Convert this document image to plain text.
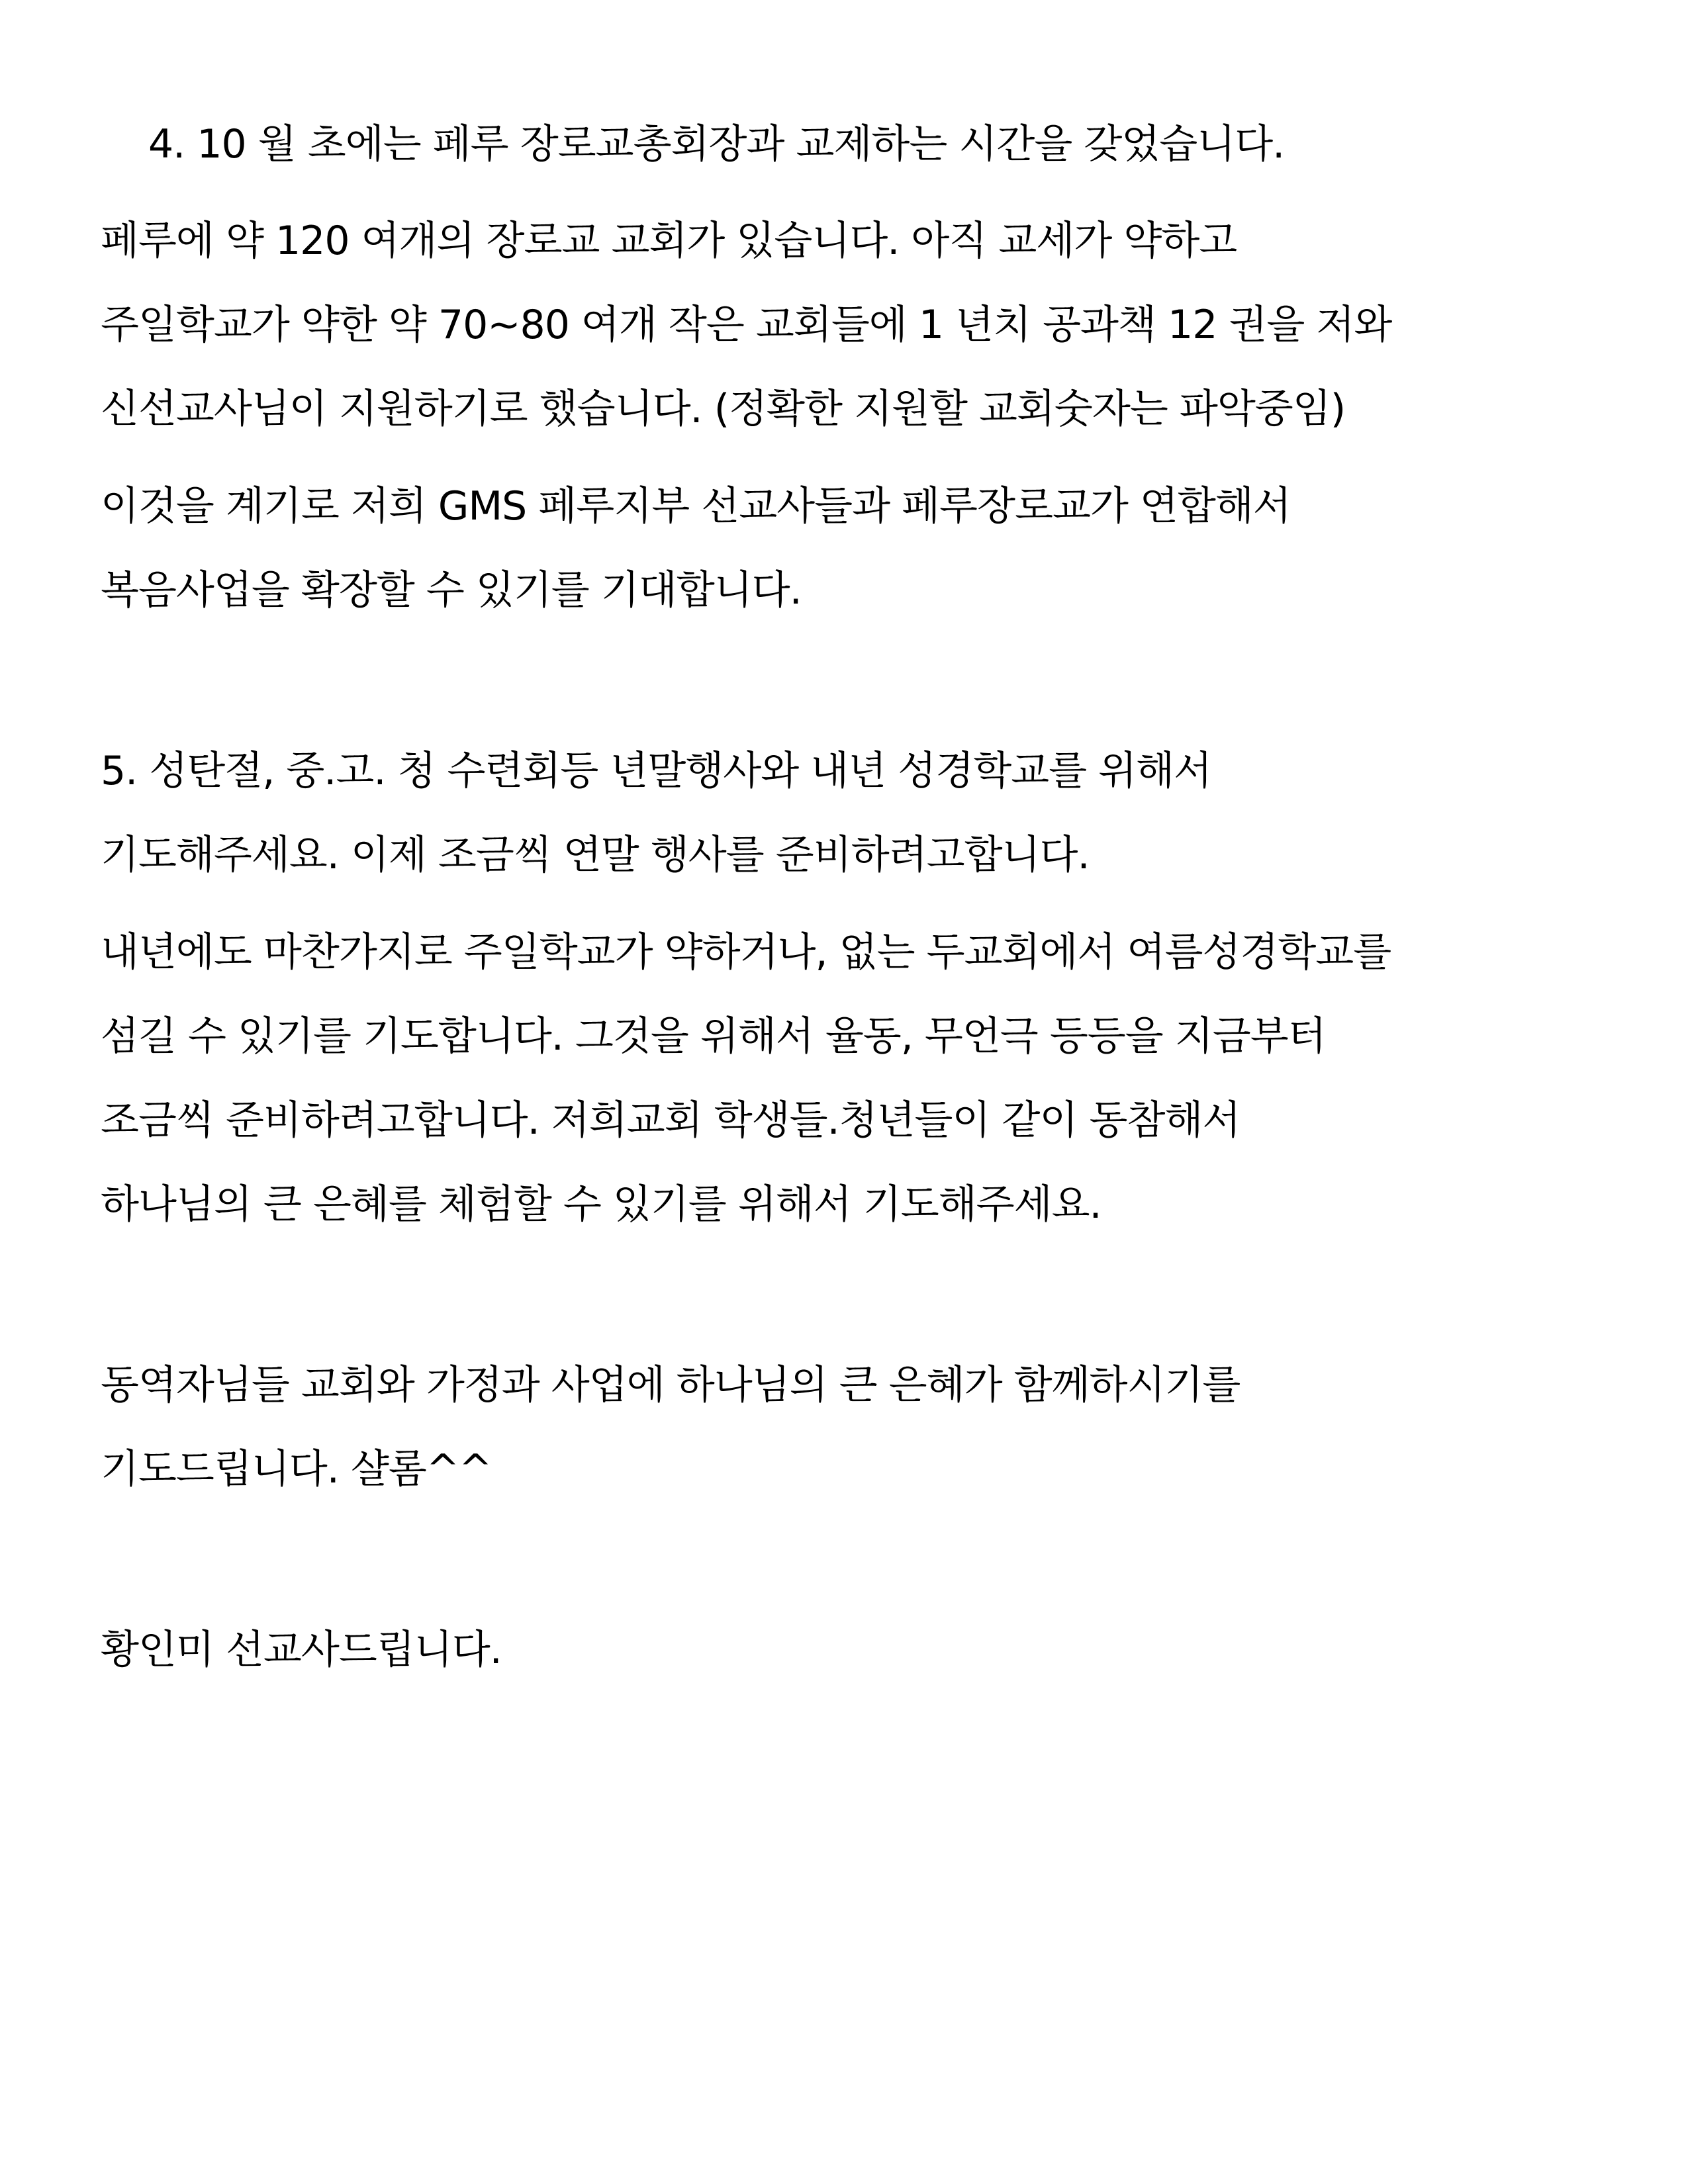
4. 10 월 초에는 페루 장로교총회장과 교제하는 시간을 갖었습니다.

페루에 약 120 여개의 장로교 교회가 있습니다. 아직 교세가 약하고

주일학교가 약한 약 70~80 여개 작은 교회들에 1 년치 공과책 12 권을 저와

신선교사님이 지원하기로 했습니다. (정확한 지원할 교회숫자는 파악중임)

이것을 계기로 저희 GMS 페루지부 선교사들과 페루장로교가 연합해서

복음사업을 확장할 수 있기를 기대합니다.

5. 성탄절, 중.고. 청 수련회등 년말행사와 내년 성경학교를 위해서

기도해주세요. 이제 조금씩 연말 행사를 준비하려고합니다.

내년에도 마찬가지로 주일학교가 약하거나, 없는 두교회에서 여름성경학교를

섬길 수 있기를 기도합니다. 그것을 위해서 율동, 무언극 등등을 지금부터

조금씩 준비하려고합니다. 저희교회 학생들.청년들이 같이 동참해서

하나님의 큰 은혜를 체험할 수 있기를 위해서 기도해주세요.

동역자님들 교회와 가정과 사업에 하나님의 큰 은혜가 함께하시기를

기도드립니다. 샬롬^^

황인미 선교사드립니다.
